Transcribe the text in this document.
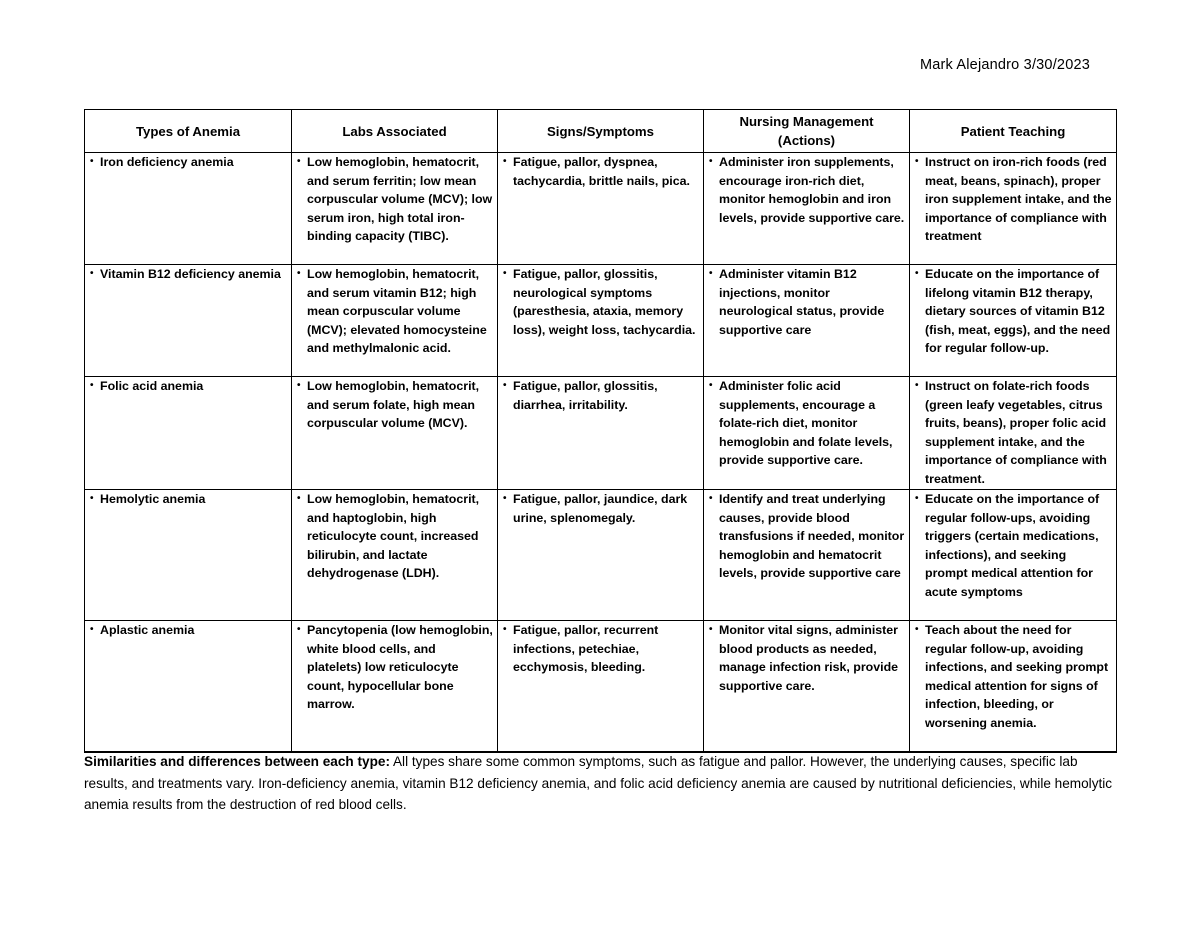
Mark Alejandro 3/30/2023
Types of Anemia	Labs Associated	Signs/Symptoms	Nursing Management (Actions)	Patient Teaching

• Iron deficiency anemia	• Low hemoglobin, hematocrit, and serum ferritin; low mean corpuscular volume (MCV); low serum iron, high total iron-binding capacity (TIBC).	• Fatigue, pallor, dyspnea, tachycardia, brittle nails, pica.	• Administer iron supplements, encourage iron-rich diet, monitor hemoglobin and iron levels, provide supportive care.	• Instruct on iron-rich foods (red meat, beans, spinach), proper iron supplement intake, and the importance of compliance with treatment

• Vitamin B12 deficiency anemia	• Low hemoglobin, hematocrit, and serum vitamin B12; high mean corpuscular volume (MCV); elevated homocysteine and methylmalonic acid.	• Fatigue, pallor, glossitis, neurological symptoms (paresthesia, ataxia, memory loss), weight loss, tachycardia.	• Administer vitamin B12 injections, monitor neurological status, provide supportive care	• Educate on the importance of lifelong vitamin B12 therapy, dietary sources of vitamin B12 (fish, meat, eggs), and the need for regular follow-up.

• Folic acid anemia	• Low hemoglobin, hematocrit, and serum folate, high mean corpuscular volume (MCV).	• Fatigue, pallor, glossitis, diarrhea, irritability.	• Administer folic acid supplements, encourage a folate-rich diet, monitor hemoglobin and folate levels, provide supportive care.	• Instruct on folate-rich foods (green leafy vegetables, citrus fruits, beans), proper folic acid supplement intake, and the importance of compliance with treatment.

• Hemolytic anemia	• Low hemoglobin, hematocrit, and haptoglobin, high reticulocyte count, increased bilirubin, and lactate dehydrogenase (LDH).	• Fatigue, pallor, jaundice, dark urine, splenomegaly.	• Identify and treat underlying causes, provide blood transfusions if needed, monitor hemoglobin and hematocrit levels, provide supportive care	• Educate on the importance of regular follow-ups, avoiding triggers (certain medications, infections), and seeking prompt medical attention for acute symptoms

• Aplastic anemia	• Pancytopenia (low hemoglobin, white blood cells, and platelets) low reticulocyte count, hypocellular bone marrow.	• Fatigue, pallor, recurrent infections, petechiae, ecchymosis, bleeding.	• Monitor vital signs, administer blood products as needed, manage infection risk, provide supportive care.	• Teach about the need for regular follow-up, avoiding infections, and seeking prompt medical attention for signs of infection, bleeding, or worsening anemia.
Similarities and differences between each type: All types share some common symptoms, such as fatigue and pallor. However, the underlying causes, specific lab results, and treatments vary. Iron-deficiency anemia, vitamin B12 deficiency anemia, and folic acid deficiency anemia are caused by nutritional deficiencies, while hemolytic anemia results from the destruction of red blood cells.
